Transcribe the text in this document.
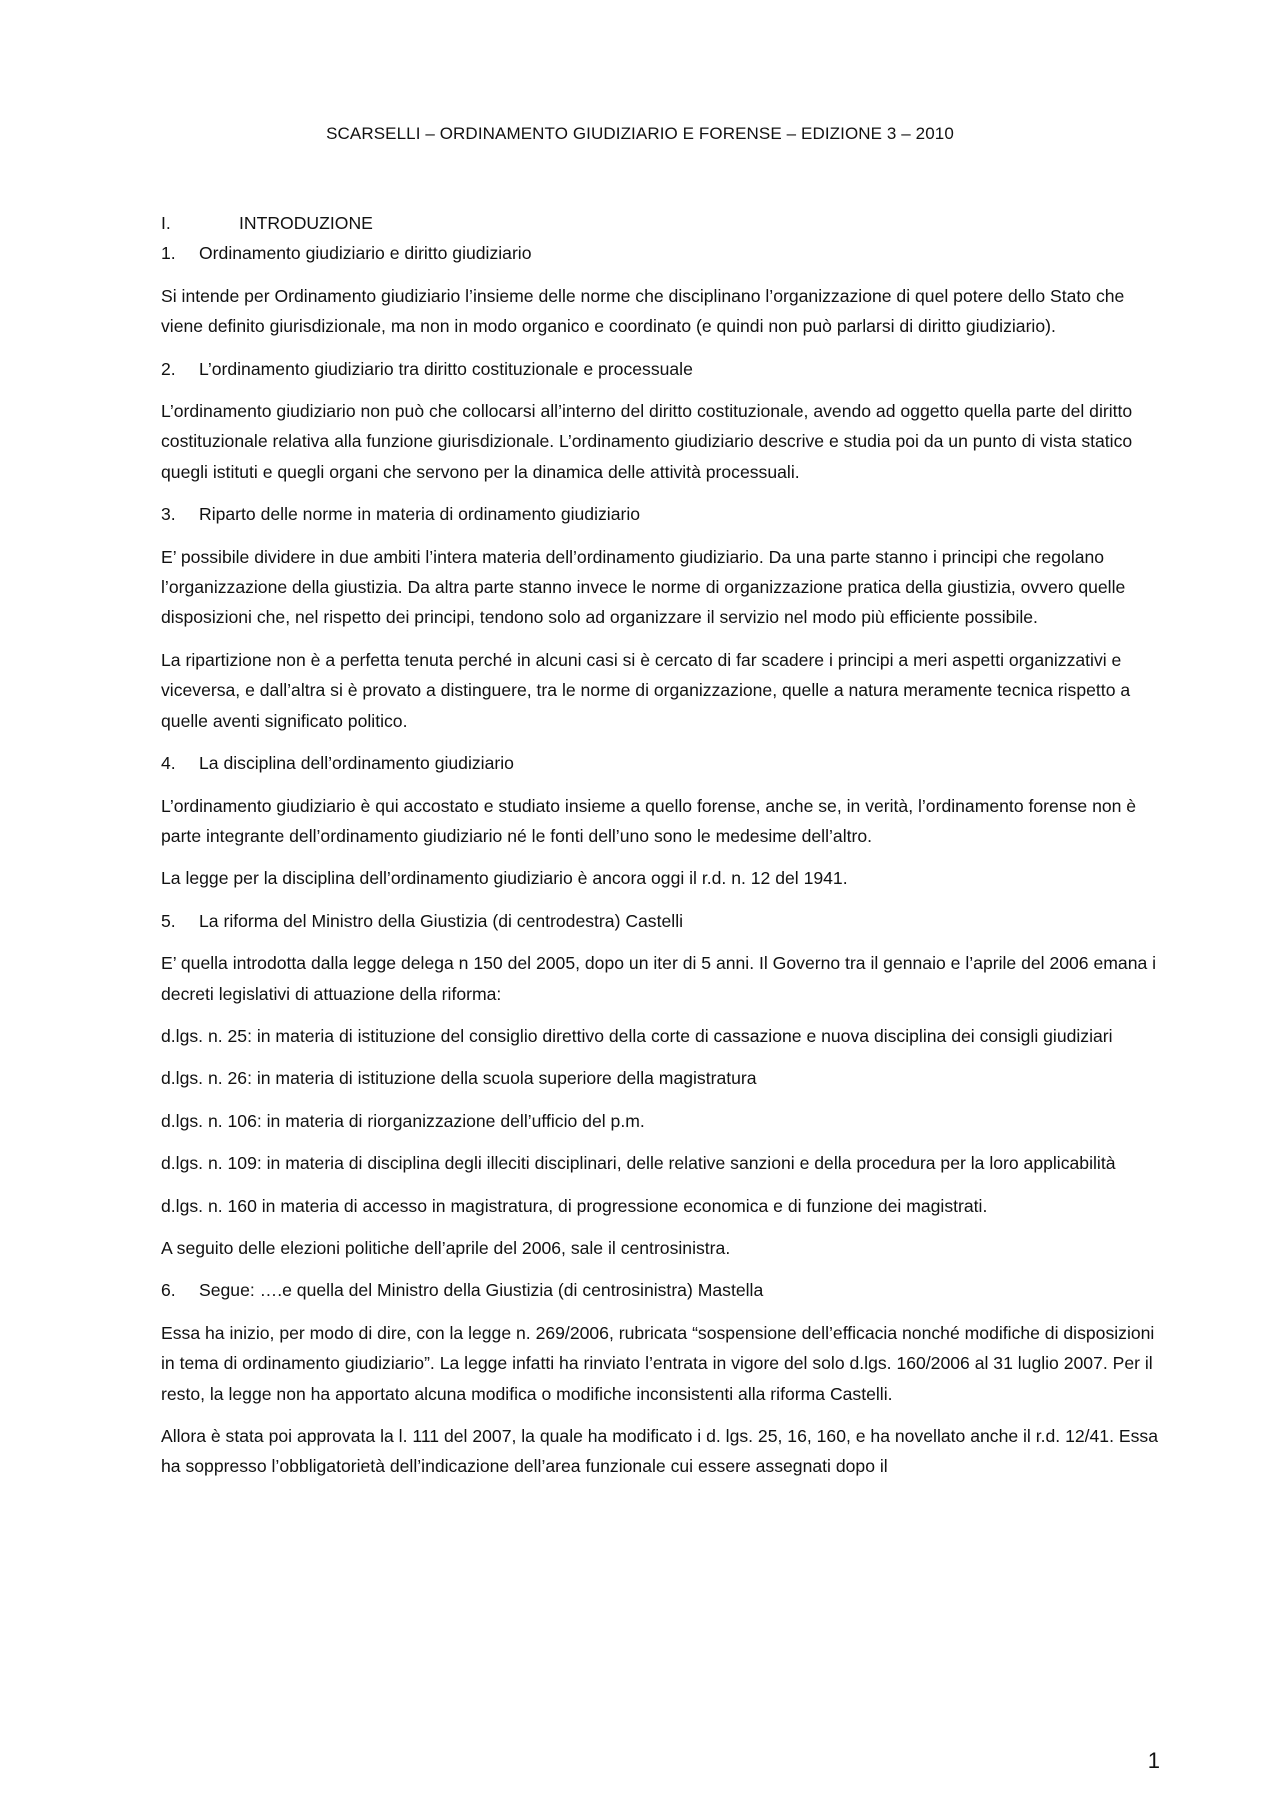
SCARSELLI – ORDINAMENTO GIUDIZIARIO E FORENSE – EDIZIONE 3 – 2010

I.	INTRODUZIONE

1. Ordinamento giudiziario e diritto giudiziario

Si intende per Ordinamento giudiziario l’insieme delle norme che disciplinano l’organizzazione di quel potere dello Stato che viene definito giurisdizionale, ma non in modo organico e coordinato (e quindi non può parlarsi di diritto giudiziario).

2. L’ordinamento giudiziario tra diritto costituzionale e processuale

L’ordinamento giudiziario non può che collocarsi all’interno del diritto costituzionale, avendo ad oggetto quella parte del diritto costituzionale relativa alla funzione giurisdizionale. L’ordinamento giudiziario descrive e studia poi da un punto di vista statico quegli istituti e quegli organi che servono per la dinamica delle attività processuali.

3. Riparto delle norme in materia di ordinamento giudiziario

E’ possibile dividere in due ambiti l’intera materia dell’ordinamento giudiziario. Da una parte stanno i principi che regolano l’organizzazione della giustizia. Da altra parte stanno invece le norme di organizzazione pratica della giustizia, ovvero quelle disposizioni che, nel rispetto dei principi, tendono solo ad organizzare il servizio nel modo più efficiente possibile.

La ripartizione non è a perfetta tenuta perché in alcuni casi si è cercato di far scadere i principi a meri aspetti organizzativi e viceversa, e dall’altra si è provato a distinguere, tra le norme di organizzazione, quelle a natura meramente tecnica rispetto a quelle aventi significato politico.

4. La disciplina dell’ordinamento giudiziario

L’ordinamento giudiziario è qui accostato e studiato insieme a quello forense, anche se, in verità, l’ordinamento forense non è parte integrante dell’ordinamento giudiziario né le fonti dell’uno sono le medesime dell’altro.

La legge per la disciplina dell’ordinamento giudiziario è ancora oggi il r.d. n. 12 del 1941.

5. La riforma del Ministro della Giustizia (di centrodestra) Castelli

E’ quella introdotta dalla legge delega n 150 del 2005, dopo un iter di 5 anni. Il Governo tra il gennaio e l’aprile del 2006 emana i decreti legislativi di attuazione della riforma:

d.lgs. n. 25: in materia di istituzione del consiglio direttivo della corte di cassazione e nuova disciplina dei consigli giudiziari

d.lgs. n. 26: in materia di istituzione della scuola superiore della magistratura

d.lgs. n. 106: in materia di riorganizzazione dell’ufficio del p.m.

d.lgs. n. 109: in materia di disciplina degli illeciti disciplinari, delle relative sanzioni e della procedura per la loro applicabilità

d.lgs. n. 160 in materia di accesso in magistratura, di progressione economica e di funzione dei magistrati.

A seguito delle elezioni politiche dell’aprile del 2006, sale il centrosinistra.

6. Segue: ….e quella del Ministro della Giustizia (di centrosinistra) Mastella

Essa ha inizio, per modo di dire, con la legge n. 269/2006, rubricata “sospensione dell’efficacia nonché modifiche di disposizioni in tema di ordinamento giudiziario”. La legge infatti ha rinviato l’entrata in vigore del solo d.lgs. 160/2006 al 31 luglio 2007. Per il resto, la legge non ha apportato alcuna modifica o modifiche inconsistenti alla riforma Castelli.

Allora è stata poi approvata la l. 111 del 2007, la quale ha modificato i d. lgs. 25, 16, 160, e ha novellato anche il r.d. 12/41. Essa ha soppresso l’obbligatorietà dell’indicazione dell’area funzionale cui essere assegnati dopo il

1
